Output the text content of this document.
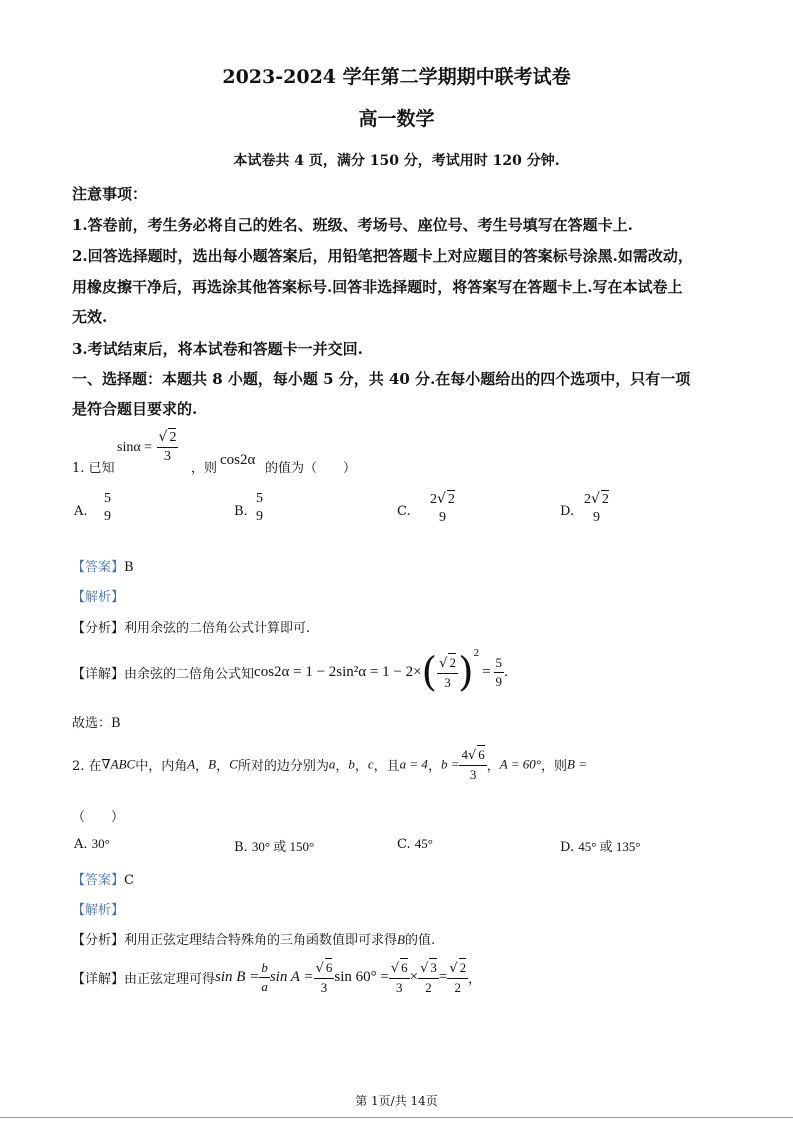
2023-2024 学年第二学期期中联考试卷
高一数学
本试卷共 4 页，满分 150 分，考试用时 120 分钟.
注意事项：
1.答卷前，考生务必将自己的姓名、班级、考场号、座位号、考生号填写在答题卡上.
2.回答选择题时，选出每小题答案后，用铅笔把答题卡上对应题目的答案标号涂黑.如需改动，
用橡皮擦干净后，再选涂其他答案标号.回答非选择题时，将答案写在答题卡上.写在本试卷上
无效.
3.考试结束后，将本试卷和答题卡一并交回.
一、选择题：本题共 8 小题，每小题 5 分，共 40 分.在每小题给出的四个选项中，只有一项
是符合题目要求的.
1. 已知
$\sin\alpha = \frac{√ 2}{3}$
，则
cos2α
的值为（　　）
A.
5
9	B.
5
9	C.
2√ 2
9	D.
2√ 2
9
【答案】B
【解析】
【分析】利用余弦的二倍角公式计算即可.
【详解】由余弦的二倍角公式知$\cos 2\alpha = 1 - 2\sin^2\alpha = 1 - 2\times( \frac{√ 2}{3} )^2= \frac{5}{9}$ .
故选：B
2. 在∇ABC中，内角A，B，C所对的边分别为a，b，c，且a = 4，$b = \frac{4√ 6}{3}$ ，A = 60°，则B =
（　　）
A. 30°	B. 30° 或 150°	C. 45°	D. 45° 或 135°
【答案】C
【解析】
【分析】利用正弦定理结合特殊角的三角函数值即可求得B的值.
【详解】由正弦定理可得$\sin B = \frac{b}{a}$ $\sin A = \frac{√ 6}{3}$ $\sin 60^\circ = \frac{√ 6}{3} \times \frac{√ 3}{2} = \frac{√ 2}{2}$ ，
第 1页/共 14页
